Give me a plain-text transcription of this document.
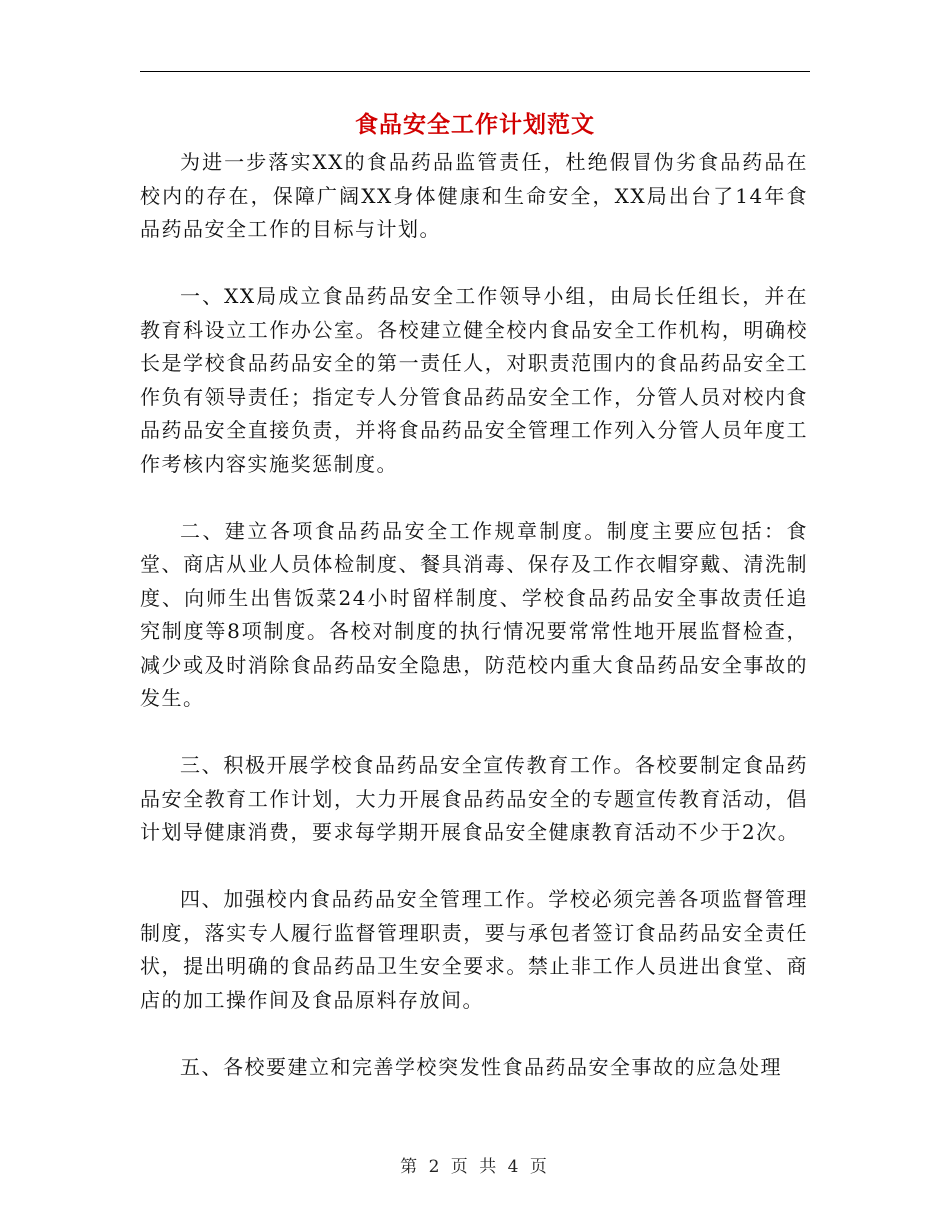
食品安全工作计划范文

为进一步落实XX的食品药品监管责任，杜绝假冒伪劣食品药品在校内的存在，保障广阔XX身体健康和生命安全，XX局出台了14年食品药品安全工作的目标与计划。

一、XX局成立食品药品安全工作领导小组，由局长任组长，并在教育科设立工作办公室。各校建立健全校内食品安全工作机构，明确校长是学校食品药品安全的第一责任人，对职责范围内的食品药品安全工作负有领导责任；指定专人分管食品药品安全工作，分管人员对校内食品药品安全直接负责，并将食品药品安全管理工作列入分管人员年度工作考核内容实施奖惩制度。

二、建立各项食品药品安全工作规章制度。制度主要应包括：食堂、商店从业人员体检制度、餐具消毒、保存及工作衣帽穿戴、清洗制度、向师生出售饭菜24小时留样制度、学校食品药品安全事故责任追究制度等8项制度。各校对制度的执行情况要常常性地开展监督检查，减少或及时消除食品药品安全隐患，防范校内重大食品药品安全事故的发生。

三、积极开展学校食品药品安全宣传教育工作。各校要制定食品药品安全教育工作计划，大力开展食品药品安全的专题宣传教育活动，倡计划导健康消费，要求每学期开展食品安全健康教育活动不少于2次。

四、加强校内食品药品安全管理工作。学校必须完善各项监督管理制度，落实专人履行监督管理职责，要与承包者签订食品药品安全责任状，提出明确的食品药品卫生安全要求。禁止非工作人员进出食堂、商店的加工操作间及食品原料存放间。

五、各校要建立和完善学校突发性食品药品安全事故的应急处理

第 2 页 共 4 页
